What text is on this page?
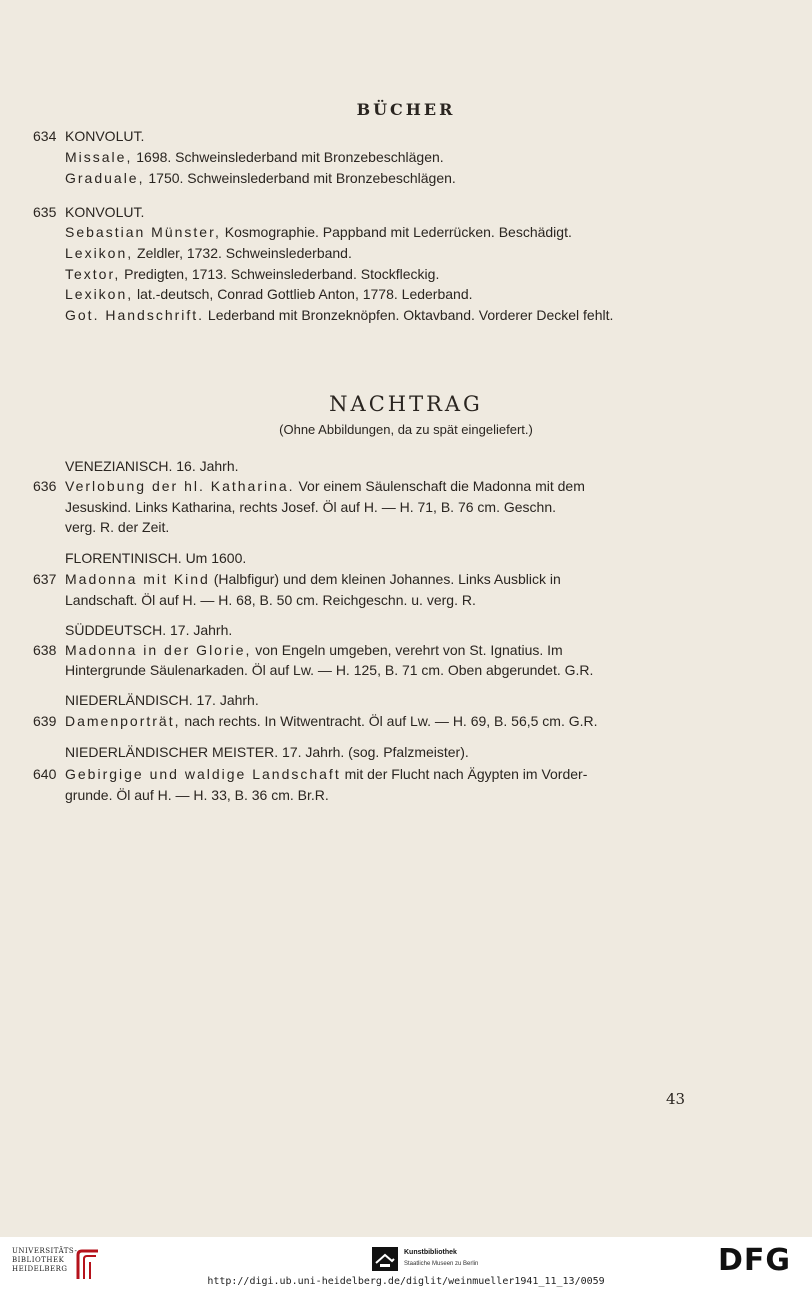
BÜCHER
634 KONVOLUT.
Missale, 1698. Schweinslederband mit Bronzebeschlägen.
Graduale, 1750. Schweinslederband mit Bronzebeschlägen.
635 KONVOLUT.
Sebastian Münster, Kosmographie. Pappband mit Lederrücken. Beschädigt.
Lexikon, Zeldler, 1732. Schweinslederband.
Textor, Predigten, 1713. Schweinslederband. Stockfleckig.
Lexikon, lat.-deutsch, Conrad Gottlieb Anton, 1778. Lederband.
Got. Handschrift. Lederband mit Bronzeknöpfen. Oktavband. Vorderer Deckel fehlt.
NACHTRAG
(Ohne Abbildungen, da zu spät eingeliefert.)
VENEZIANISCH. 16. Jahrh.
636 Verlobung der hl. Katharina. Vor einem Säulenschaft die Madonna mit dem
Jesuskind. Links Katharina, rechts Josef. Öl auf H. — H. 71, B. 76 cm. Geschn.
verg. R. der Zeit.
FLORENTINISCH. Um 1600.
637 Madonna mit Kind (Halbfigur) und dem kleinen Johannes. Links Ausblick in
Landschaft. Öl auf H. — H. 68, B. 50 cm. Reichgeschn. u. verg. R.
SÜDDEUTSCH. 17. Jahrh.
638 Madonna in der Glorie, von Engeln umgeben, verehrt von St. Ignatius. Im
Hintergrunde Säulenarkaden. Öl auf Lw. — H. 125, B. 71 cm. Oben abgerundet. G.R.
NIEDERLÄNDISCH. 17. Jahrh.
639 Damenporträt, nach rechts. In Witwentracht. Öl auf Lw. — H. 69, B. 56,5 cm. G.R.
NIEDERLÄNDISCHER MEISTER. 17. Jahrh. (sog. Pfalzmeister).
640 Gebirgige und waldige Landschaft mit der Flucht nach Ägypten im Vorder-
grunde. Öl auf H. — H. 33, B. 36 cm. Br.R.
43
UNIVERSITÄTS-
BIBLIOTHEK
HEIDELBERG
Kunstbibliothek
Staatliche Museen zu Berlin	DFG
http://digi.ub.uni-heidelberg.de/diglit/weinmueller1941_11_13/0059
